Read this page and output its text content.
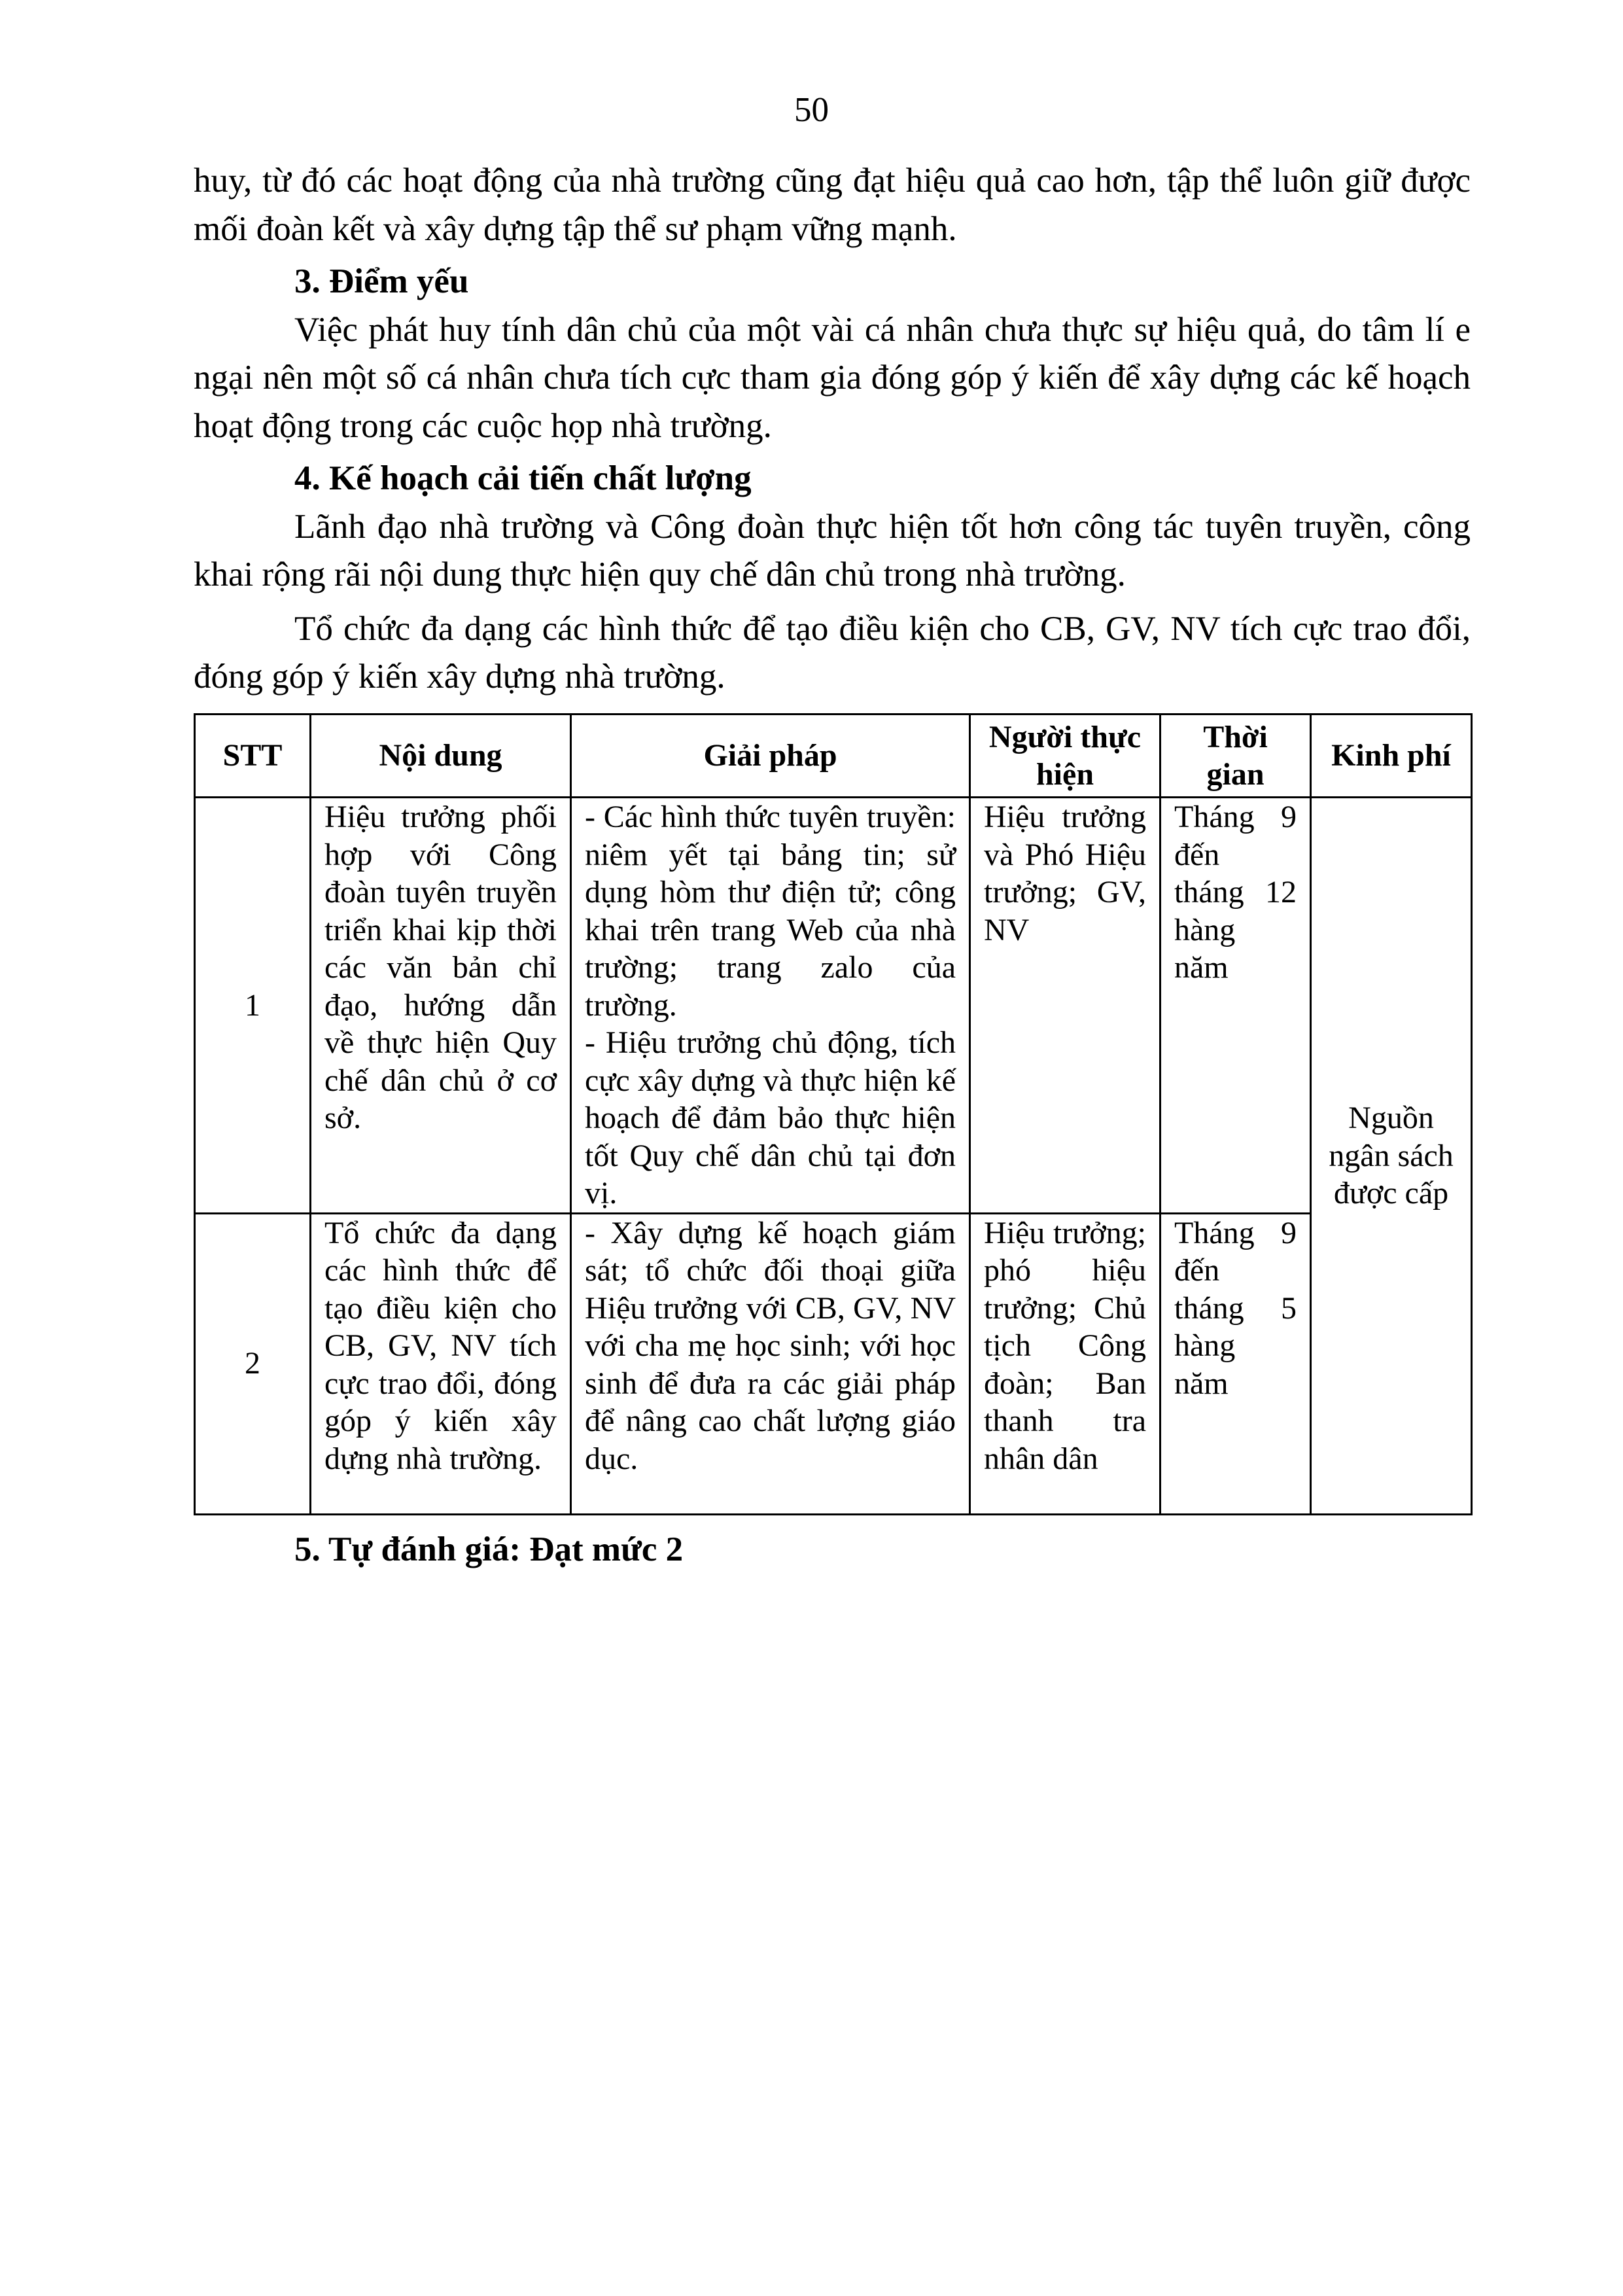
50

huy, từ đó các hoạt động của nhà trường cũng đạt hiệu quả cao hơn, tập thể luôn giữ được mối đoàn kết và xây dựng tập thể sư phạm vững mạnh.

3. Điểm yếu

Việc phát huy tính dân chủ của một vài cá nhân chưa thực sự hiệu quả, do tâm lí e ngại nên một số cá nhân chưa tích cực tham gia đóng góp ý kiến để xây dựng các kế hoạch hoạt động trong các cuộc họp nhà trường.

4. Kế hoạch cải tiến chất lượng

Lãnh đạo nhà trường và Công đoàn thực hiện tốt hơn công tác tuyên truyền, công khai rộng rãi nội dung thực hiện quy chế dân chủ trong nhà trường.

Tổ chức đa dạng các hình thức để tạo điều kiện cho CB, GV, NV tích cực trao đổi, đóng góp ý kiến xây dựng nhà trường.

STT	Nội dung	Giải pháp	Người thực hiện	Thời gian	Kinh phí
1	Hiệu trưởng phối hợp với Công đoàn tuyên truyền triển khai kịp thời các văn bản chỉ đạo, hướng dẫn về thực hiện Quy chế dân chủ ở cơ sở.	- Các hình thức tuyên truyền: niêm yết tại bảng tin; sử dụng hòm thư điện tử; công khai trên trang Web của nhà trường; trang zalo của trường.
- Hiệu trưởng chủ động, tích cực xây dựng và thực hiện kế hoạch để đảm bảo thực hiện tốt Quy chế dân chủ tại đơn vị.	Hiệu trưởng và Phó Hiệu trưởng; GV, NV	Tháng 9 đến tháng 12 hàng năm	Nguồn ngân sách được cấp
2	Tổ chức đa dạng các hình thức để tạo điều kiện cho CB, GV, NV tích cực trao đổi, đóng góp ý kiến xây dựng nhà trường.	- Xây dựng kế hoạch giám sát; tổ chức đối thoại giữa Hiệu trưởng với CB, GV, NV với cha mẹ học sinh; với học sinh để đưa ra các giải pháp để nâng cao chất lượng giáo dục.	Hiệu trưởng; phó hiệu trưởng; Chủ tịch Công đoàn; Ban thanh tra nhân dân	Tháng 9 đến tháng 5 hàng năm	
5. Tự đánh giá: Đạt mức 2
